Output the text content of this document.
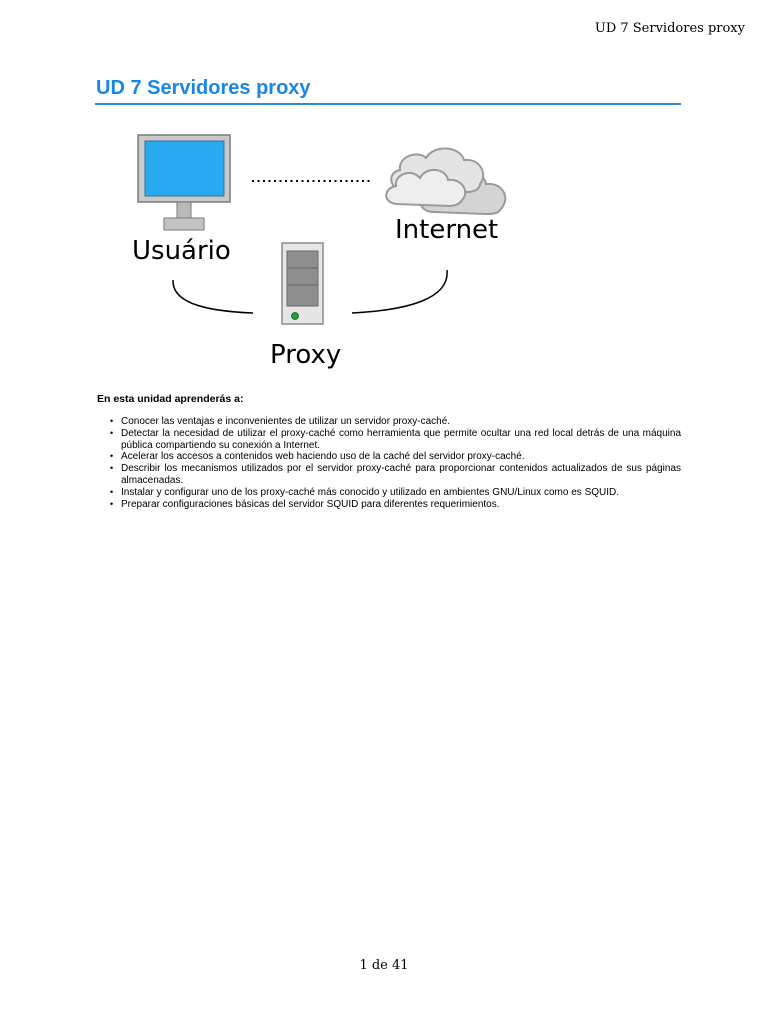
UD 7 Servidores proxy
UD 7 Servidores proxy
Usuário
Internet
Proxy

En esta unidad aprenderás a:

• Conocer las ventajas e inconvenientes de utilizar un servidor proxy-caché.
• Detectar la necesidad de utilizar el proxy-caché como herramienta que permite ocultar una red local detrás de una máquina pública compartiendo su conexión a Internet.
• Acelerar los accesos a contenidos web haciendo uso de la caché del servidor proxy-caché.
• Describir los mecanismos utilizados por el servidor proxy-caché para proporcionar contenidos actualizados de sus páginas almacenadas.
• Instalar y configurar uno de los proxy-caché más conocido y utilizado en ambientes GNU/Linux como es SQUID.
• Preparar configuraciones básicas del servidor SQUID para diferentes requerimientos.
1 de 41
